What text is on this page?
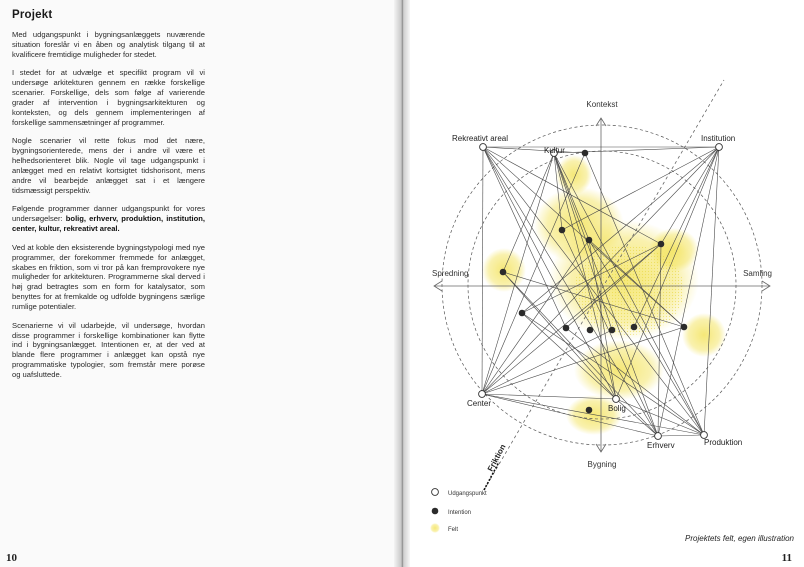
Projekt

Med udgangspunkt i bygningsanlæggets nuværende situation foreslår vi en åben og analytisk tilgang til at kvalificere fremtidige muligheder for stedet.

I stedet for at udvælge et specifikt program vil vi undersøge arkitekturen gennem en række forskellige scenarier. Forskellige, dels som følge af varierende grader af intervention i bygningsarkitekturen og konteksten, og dels gennem implementeringen af forskellige sammensætninger af programmer.

Nogle scenarier vil rette fokus mod det nære, bygningsorienterede, mens der i andre vil være et helhedsorienteret blik. Nogle vil tage udgangspunkt i anlægget med en relativt kortsigtet tidshorisont, mens andre vil bearbejde anlægget sat i et længere tidsmæssigt perspektiv.

Følgende programmer danner udgangspunkt for vores undersøgelser: bolig, erhverv, produktion, institution, center, kultur, rekreativt areal.

Ved at koble den eksisterende bygningstypologi med nye programmer, der forekommer fremmede for anlægget, skabes en friktion, som vi tror på kan fremprovokere nye muligheder for arkitekturen. Programmerne skal derved i høj grad betragtes som en form for katalysator, som benyttes for at fremkalde og udfolde bygningens særlige rumlige potentialer.

Scenarierne vi vil udarbejde, vil undersøge, hvordan disse programmer i forskellige kombinationer kan flytte ind i bygningsanlægget. Intentionen er, at der ved at blande flere programmer i anlægget kan opstå nye programmatiske typologier, som fremstår mere porøse og uafsluttede.

10	11
Projektets felt, egen illustration
Kontekst
Bygning
Spredning	Samling
Friktion
Rekreativt areal
Kultur
Institution
Center
Bolig
Erhverv	Produktion
Udgangspunkt
Intention
Felt
